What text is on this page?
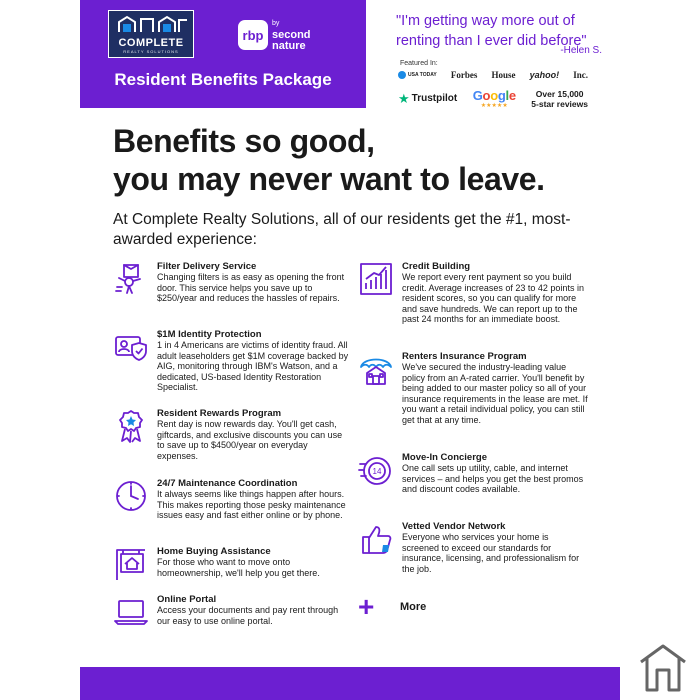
COMPLETE
REALTY SOLUTIONS
rbp
by
second
nature
Resident Benefits Package
"I'm getting way more out of renting than I ever did before"
-Helen S.
Featured In:
USA TODAY Forbes House yahoo! Inc.
★ Trustpilot Google
★★★★★
Over 15,000
5-star reviews
Benefits so good,
you may never want to leave.
At Complete Realty Solutions, all of our residents get the #1, most-awarded experience:
Filter Delivery Service
Changing filters is as easy as opening the front door. This service helps you save up to $250/year and reduces the hassles of repairs.
$1M Identity Protection
1 in 4 Americans are victims of identity fraud. All adult leaseholders get $1M coverage backed by AIG, monitoring through IBM's Watson, and a dedicated, US-based Identity Restoration Specialist.
Resident Rewards Program
Rent day is now rewards day. You'll get cash, giftcards, and exclusive discounts you can use to save up to $4500/year on everyday expenses.
24/7 Maintenance Coordination
It always seems like things happen after hours. This makes reporting those pesky maintenance issues easy and fast either online or by phone.
Home Buying Assistance
For those who want to move onto homeownership, we'll help you get there.
Online Portal
Access your documents and pay rent through our easy to use online portal.
Credit Building
We report every rent payment so you build credit. Average increases of 23 to 42 points in resident scores, so you can qualify for more and save hundreds. We can report up to the past 24 months for an immediate boost.
Renters Insurance Program
We've secured the industry-leading value policy from an A-rated carrier. You'll benefit by being added to our master policy so all of your insurance requirements in the lease are met. If you want a retail individual policy, you can still get that at any time.
14
Move-In Concierge
One call sets up utility, cable, and internet services – and helps you get the best promos and discount codes available.
Vetted Vendor Network
Everyone who services your home is screened to exceed our standards for insurance, licensing, and professionalism for the job.
+	More
